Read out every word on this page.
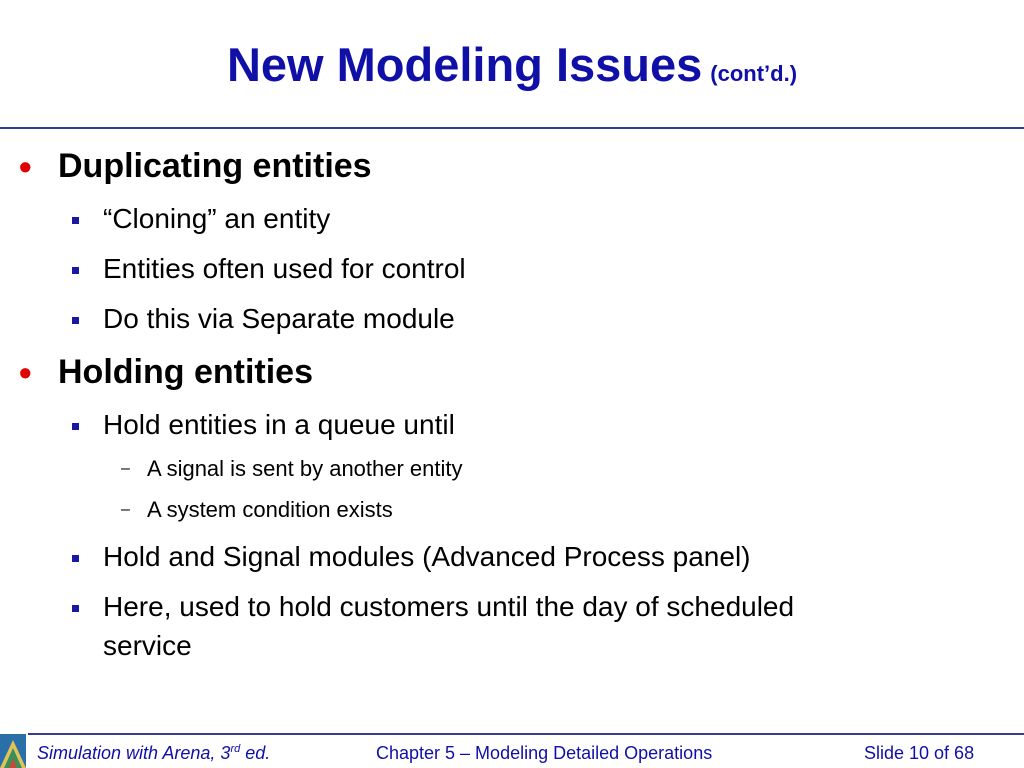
New Modeling Issues (cont’d.)
• Duplicating entities
“Cloning” an entity
Entities often used for control
Do this via Separate module
• Holding entities
Hold entities in a queue until
– A signal is sent by another entity
– A system condition exists
Hold and Signal modules (Advanced Process panel)
Here, used to hold customers until the day of scheduled
service
Simulation with Arena, 3rd ed.	Chapter 5 – Modeling Detailed Operations	Slide 10 of 68
